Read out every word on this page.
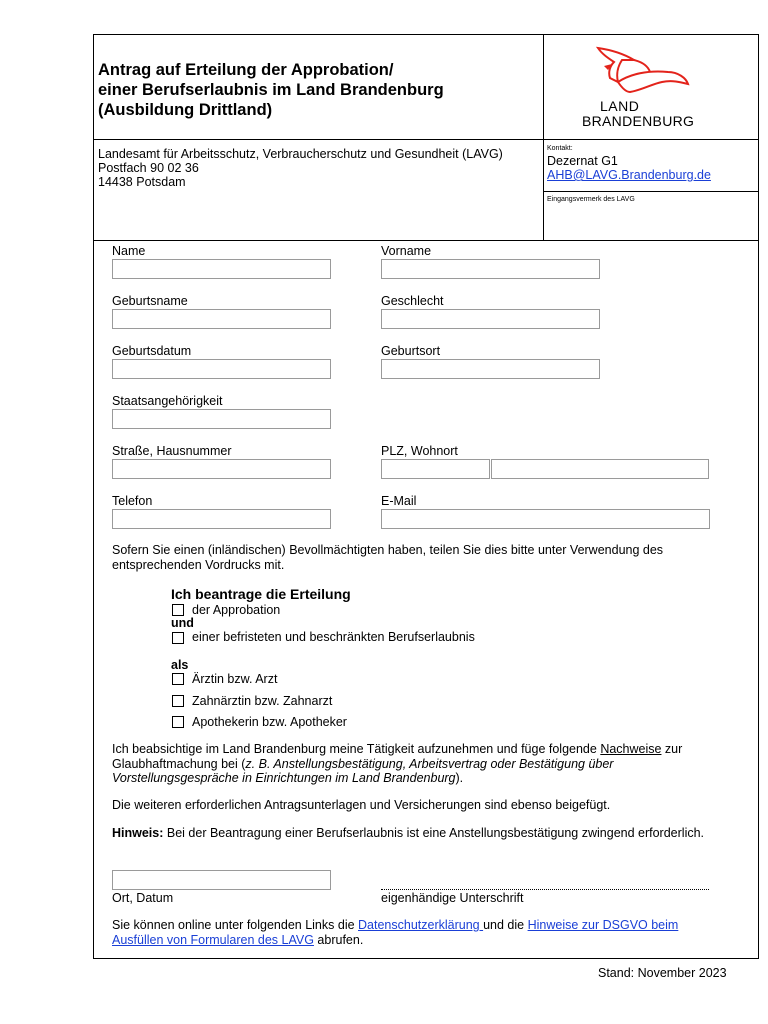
Antrag auf Erteilung der Approbation/
einer Berufserlaubnis im Land Brandenburg
(Ausbildung Drittland)	LAND
BRANDENBURG
Landesamt für Arbeitsschutz, Verbraucherschutz und Gesundheit (LAVG)
Postfach 90 02 36
14438 Potsdam
Kontakt:
Dezernat G1
AHB@LAVG.Brandenburg.de
Eingangsvermerk des LAVG
Name	Vorname
Geburtsname	Geschlecht
Geburtsdatum	Geburtsort
Staatsangehörigkeit
Straße, Hausnummer	PLZ, Wohnort
Telefon	E-Mail
Sofern Sie einen (inländischen) Bevollmächtigten haben, teilen Sie dies bitte unter Verwendung des entsprechenden Vordrucks mit.
Ich beantrage die Erteilung
der Approbation
und
einer befristeten und beschränkten Berufserlaubnis
als
Ärztin bzw. Arzt
Zahnärztin bzw. Zahnarzt
Apothekerin bzw. Apotheker
Ich beabsichtige im Land Brandenburg meine Tätigkeit aufzunehmen und füge folgende Nachweise zur Glaubhaftmachung bei (z. B. Anstellungsbestätigung, Arbeitsvertrag oder Bestätigung über Vorstellungsgespräche in Einrichtungen im Land Brandenburg).
Die weiteren erforderlichen Antragsunterlagen und Versicherungen sind ebenso beigefügt.
Hinweis: Bei der Beantragung einer Berufserlaubnis ist eine Anstellungsbestätigung zwingend erforderlich.
Ort, Datum	eigenhändige Unterschrift
Sie können online unter folgenden Links die Datenschutzerklärung und die Hinweise zur DSGVO beim Ausfüllen von Formularen des LAVG abrufen.
Stand: November 2023
